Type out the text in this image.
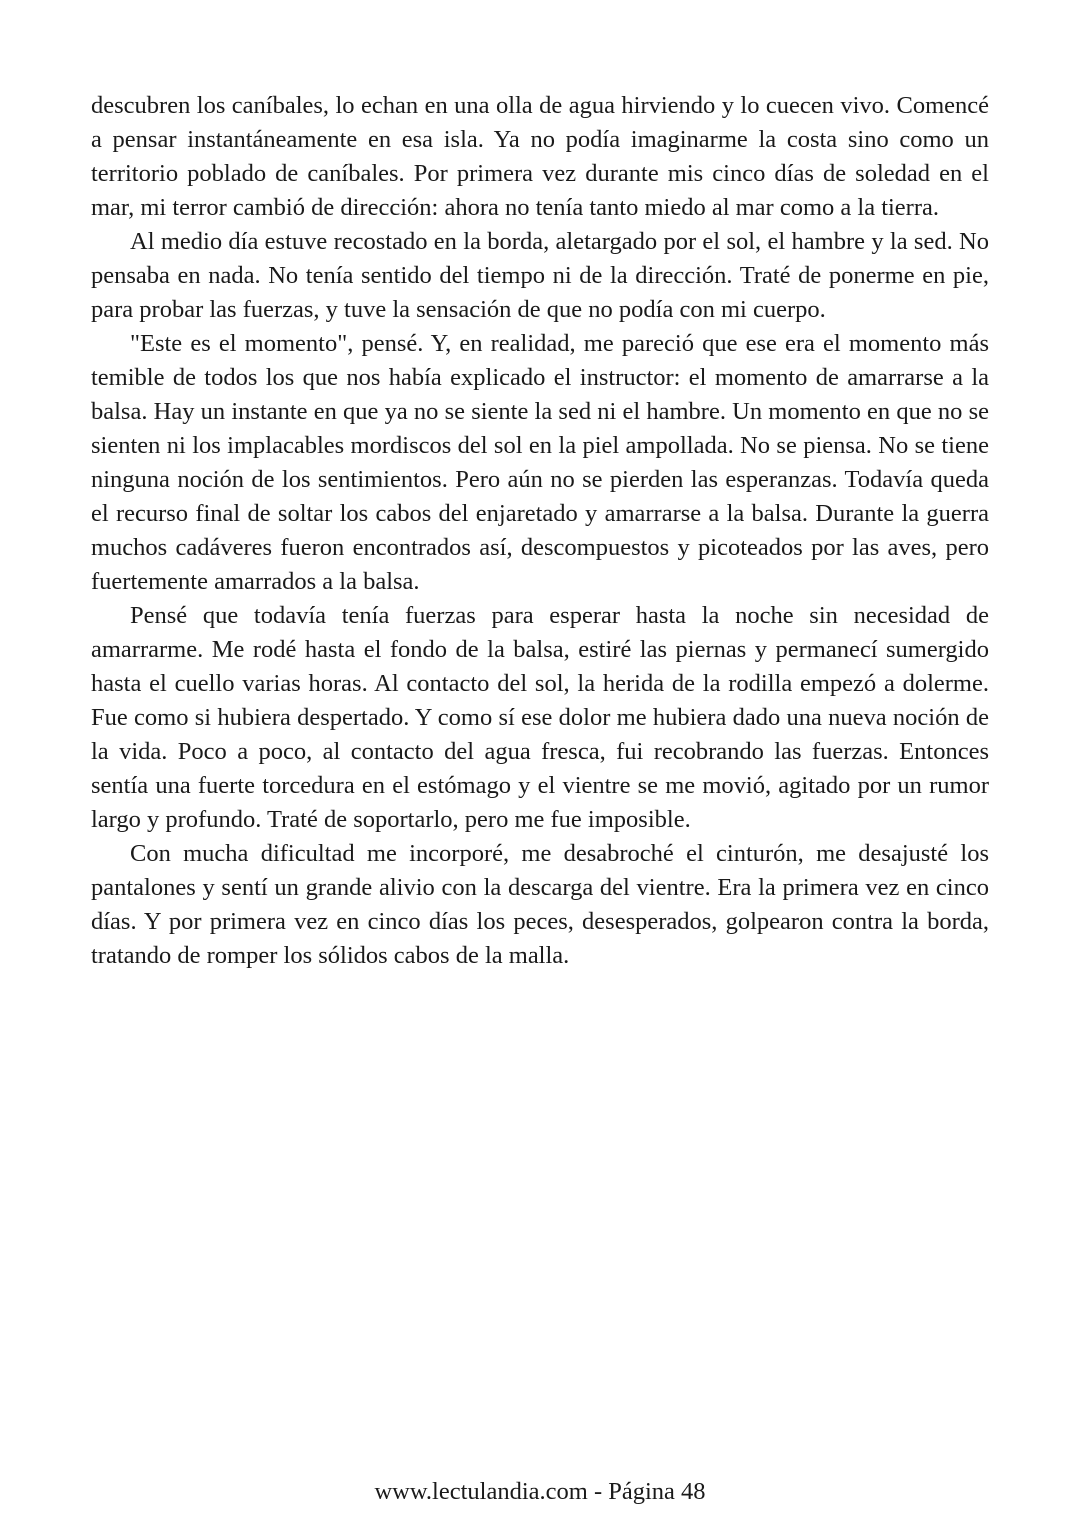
descubren los caníbales, lo echan en una olla de agua hirviendo y lo cuecen vivo. Comencé a pensar instantáneamente en esa isla. Ya no podía imaginarme la costa sino como un territorio poblado de caníbales. Por primera vez durante mis cinco días de soledad en el mar, mi terror cambió de dirección: ahora no tenía tanto miedo al mar como a la tierra.

Al medio día estuve recostado en la borda, aletargado por el sol, el hambre y la sed. No pensaba en nada. No tenía sentido del tiempo ni de la dirección. Traté de ponerme en pie, para probar las fuerzas, y tuve la sensación de que no podía con mi cuerpo.

"Este es el momento", pensé. Y, en realidad, me pareció que ese era el momento más temible de todos los que nos había explicado el instructor: el momento de amarrarse a la balsa. Hay un instante en que ya no se siente la sed ni el hambre. Un momento en que no se sienten ni los implacables mordiscos del sol en la piel ampollada. No se piensa. No se tiene ninguna noción de los sentimientos. Pero aún no se pierden las esperanzas. Todavía queda el recurso final de soltar los cabos del enjaretado y amarrarse a la balsa. Durante la guerra muchos cadáveres fueron encontrados así, descompuestos y picoteados por las aves, pero fuertemente amarrados a la balsa.

Pensé que todavía tenía fuerzas para esperar hasta la noche sin necesidad de amarrarme. Me rodé hasta el fondo de la balsa, estiré las piernas y permanecí sumergido hasta el cuello varias horas. Al contacto del sol, la herida de la rodilla empezó a dolerme. Fue como si hubiera despertado. Y como sí ese dolor me hubiera dado una nueva noción de la vida. Poco a poco, al contacto del agua fresca, fui recobrando las fuerzas. Entonces sentía una fuerte torcedura en el estómago y el vientre se me movió, agitado por un rumor largo y profundo. Traté de soportarlo, pero me fue imposible.

Con mucha dificultad me incorporé, me desabroché el cinturón, me desajusté los pantalones y sentí un grande alivio con la descarga del vientre. Era la primera vez en cinco días. Y por primera vez en cinco días los peces, desesperados, golpearon contra la borda, tratando de romper los sólidos cabos de la malla.

www.lectulandia.com - Página 48
